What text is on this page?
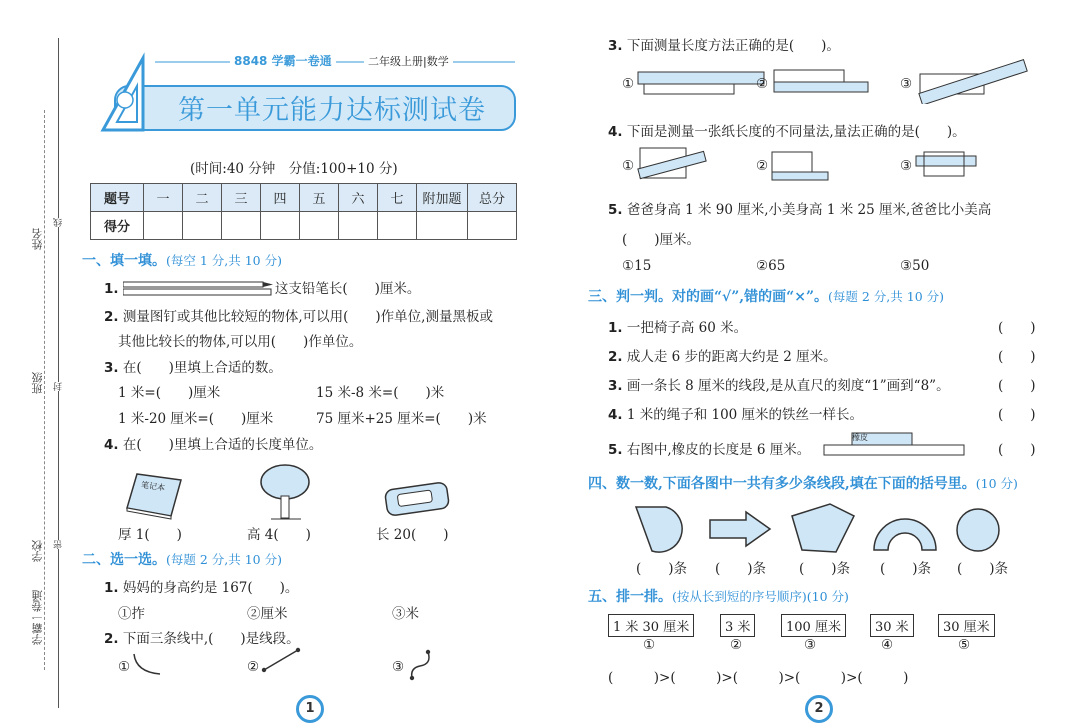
姓名
班级
学校
学霸一卷通
线
封
密
8848 学霸一卷通	二年级上册|数学
第一单元能力达标测试卷
(时间:40 分钟　分值:100+10 分)
题号	一	二	三	四	五	六	七	附加题	总分
得分									
一、填一填。(每空 1 分,共 10 分)
1.	这支铅笔长(　　)厘米。
2. 测量图钉或其他比较短的物体,可以用(　　)作单位,测量黑板或
其他比较长的物体,可以用(　　)作单位。
3. 在(　　)里填上合适的数。
1 米=(　　)厘米	15 米-8 米=(　　)米
1 米-20 厘米=(　　)厘米	75 厘米+25 厘米=(　　)米
4. 在(　　)里填上合适的长度单位。
笔记本
厚 1(　　)	高 4(　　)	长 20(　　)
二、选一选。(每题 2 分,共 10 分)
1. 妈妈的身高约是 167(　　)。
①拃	②厘米	③米
2. 下面三条线中,(　　)是线段。
①	②	③
1
3. 下面测量长度方法正确的是(　　)。
①	②	③
4. 下面是测量一张纸长度的不同量法,量法正确的是(　　)。
①	②	③
5. 爸爸身高 1 米 90 厘米,小美身高 1 米 25 厘米,爸爸比小美高
(　　)厘米。
①15	②65	③50
三、判一判。对的画“√”,错的画“×”。(每题 2 分,共 10 分)
1. 一把椅子高 60 米。	(　　)
2. 成人走 6 步的距离大约是 2 厘米。	(　　)
3. 画一条长 8 厘米的线段,是从直尺的刻度“1”画到“8”。	(　　)
4. 1 米的绳子和 100 厘米的铁丝一样长。	(　　)
5. 右图中,橡皮的长度是 6 厘米。
橡皮
(　　)
四、数一数,下面各图中一共有多少条线段,填在下面的括号里。(10 分)
(　　)条 (　　)条 (　　)条 (　　)条 (　　)条
五、排一排。(按从长到短的序号顺序)(10 分)
1 米 30 厘米	3 米	100 厘米	30 米	30 厘米
①	②	③	④	⑤
(　　　)>(　　　)>(　　　)>(　　　)>(　　　)
2
